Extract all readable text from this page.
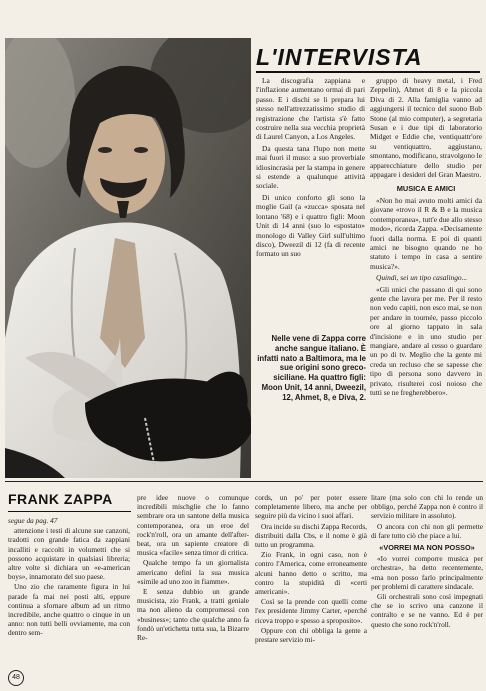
L'INTERVISTA

La discografia zappiana e l'inflazione aumentano ormai di pari passo. E i dischi se li prepara lui stesso nell'attrezzatissimo studio di registrazione che l'artista s'è fatto costruire nella sua vecchia proprietà di Laurel Canyon, a Los Angeles.

Da questa tana l'lupo non mette mai fuori il muso: a suo proverbiale idiosincrasia per la stampa in genere si estende a qualunque attività sociale.

Di unico conforto gli sono la moglie Gail (a «zucca» sposata nel lontano '68) e i quattro figli: Moon Unit di 14 anni (suo lo «spostato» monologo di Valley Girl sull'ultimo disco), Dweezil di 12 (fa di recente formato un suo

Nelle vene di Zappa corre anche sangue italiano. È infatti nato a Baltimora, ma le sue origini sono greco-siciliane. Ha quattro figli: Moon Unit, 14 anni, Dweezil, 12, Ahmet, 8, e Diva, 2.

gruppo di heavy metal, i Fred Zeppelin), Ahmet di 8 e la piccola Diva di 2. Alla famiglia vanno ad aggiungersi il tecnico del suono Bob Stone (al mio computer), a segretaria Susan e i due tipi di laboratorio Midget e Eddie che, ventiquattr'ore su ventiquattro, aggiustano, smontano, modificano, stravolgono le apparecchiature dello studio per appagare i desideri del Gran Maestro.

MUSICA E AMICI

«Non ho mai avuto molti amici da giovane «trovo il R & B e la musica contemporanea», tutt'e due allo stesso modo», ricorda Zappa. «Decisamente fuori dalla norma. E poi di quanti amici ne bisogno quando ne ho statuto i tempo in casa a sentire musica?».

Quindi, sei un tipo casalingo...

«Gli unici che passano di qui sono gente che lavora per me. Per il resto non vedo capiti, non esco mai, se non per andare in tournée, passo piccolo ore al giorno tappato in sala d'incisione e in uno studio per mangiare, andare al cesso o guardare un po di tv. Meglio che la gente mi creda un recluso che se sapesse che tipo di persona sono davvero in privato, risulterei così noioso che tutti se ne fregherebbero».

FRANK ZAPPA

segue da pag. 47

attenzione i testi di alcune sue canzoni, tradotti con grande fatica da zappiani incalliti e raccolti in volumetti che si possono acquistare in qualsiasi libreria; altre volte si dichiara un «e-american boys», innamorato del suo paese.

Uno zio che raramente figura in lui parade fa mai nei posti alti, eppure continua a sfornare album ad un ritmo incredibile, anche quattro o cinque in un anno: non tutti belli ovviamente, ma con dentro sem-

pre idee nuove o comunque incredibili mischglie che lo fanno sembrare ora un santone della musica contemporanea, ora un eroe del rock'n'roll, ora un amante dell'after-beat, ora un sapiente creatore di musica «facile» senza timor di critica.

Qualche tempo fa un giornalista americano definì la sua musica «simile ad uno zoo in fiamme».

E senza dubbio un grande musicista, zio Frank, a tratti geniale ma non alieno da compromessi con «business»; tanto che qualche anno fa fondò un'etichetta tutta sua, la Bizarre Re-

cords, un po' per poter essere completamente libero, ma anche per seguire più da vicino i suoi affari.

Ora incide su dischi Zappa Records, distribuiti dalla Cbs, e il nome è già tutto un programma.

Zio Frank, in ogni caso, non è contro l'America, come erroneamente alcuni hanno detto o scritto, ma contro la stupidità di «certi americani».

Così se la prende con quelli come l'ex presidente Jimmy Carter, «perché riceva troppo e spesso a sproposito».

Oppure con chi obbliga la gente a prestare servizio mi-

litare (ma solo con chi lo rende un obbligo, perché Zappa non è contro il servizio militare in assoluto).

O ancora con chi non gli permette di fare tutto ciò che piace a lui.

«VORREI MA NON POSSO»

«Io vorrei comporre musica per orchestra», ha detto recentemente, «ma non posso farlo principalmente per problemi di carattere sindacale.

Gli orchestrali sono così impegnati che se io scrivo una canzone il contralto e se ne vanno. Ed è per questo che sono rock'n'roll.

48
